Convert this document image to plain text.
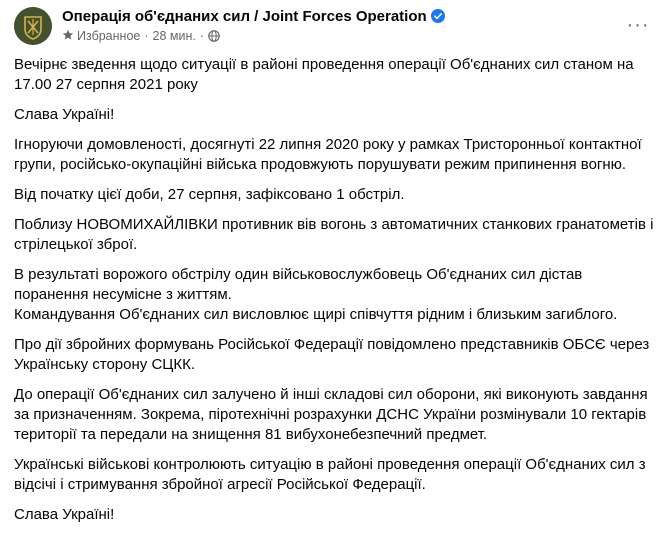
Операція об'єднаних сил / Joint Forces Operation
Избранное · 28 мин. ·	···

Вечірнє зведення щодо ситуації в районі проведення операції Об'єднаних сил станом на 17.00 27 серпня 2021 року

Слава Україні!

Ігноруючи домовленості, досягнуті 22 липня 2020 року у рамках Тристоронньої контактної групи, російсько-окупаційні війська продовжують порушувати режим припинення вогню.

Від початку цієї доби, 27 серпня, зафіксовано 1 обстріл.

Поблизу НОВОМИХАЙЛІВКИ противник вів вогонь з автоматичних станкових гранатометів і стрілецької зброї.

В результаті ворожого обстрілу один військовослужбовець Об'єднаних сил дістав поранення несумісне з життям.

Командування Об'єднаних сил висловлює щирі співчуття рідним і близьким загиблого.

Про дії збройних формувань Російської Федерації повідомлено представників ОБСЄ через Українську сторону СЦКК.

До операції Об'єднаних сил залучено й інші складові сил оборони, які виконують завдання за призначенням. Зокрема, піротехнічні розрахунки ДСНС України розмінували 10 гектарів території та передали на знищення 81 вибухонебезпечний предмет.

Українські військові контролюють ситуацію в районі проведення операції Об'єднаних сил з відсічі і стримування збройної агресії Російської Федерації.

Слава Україні!
